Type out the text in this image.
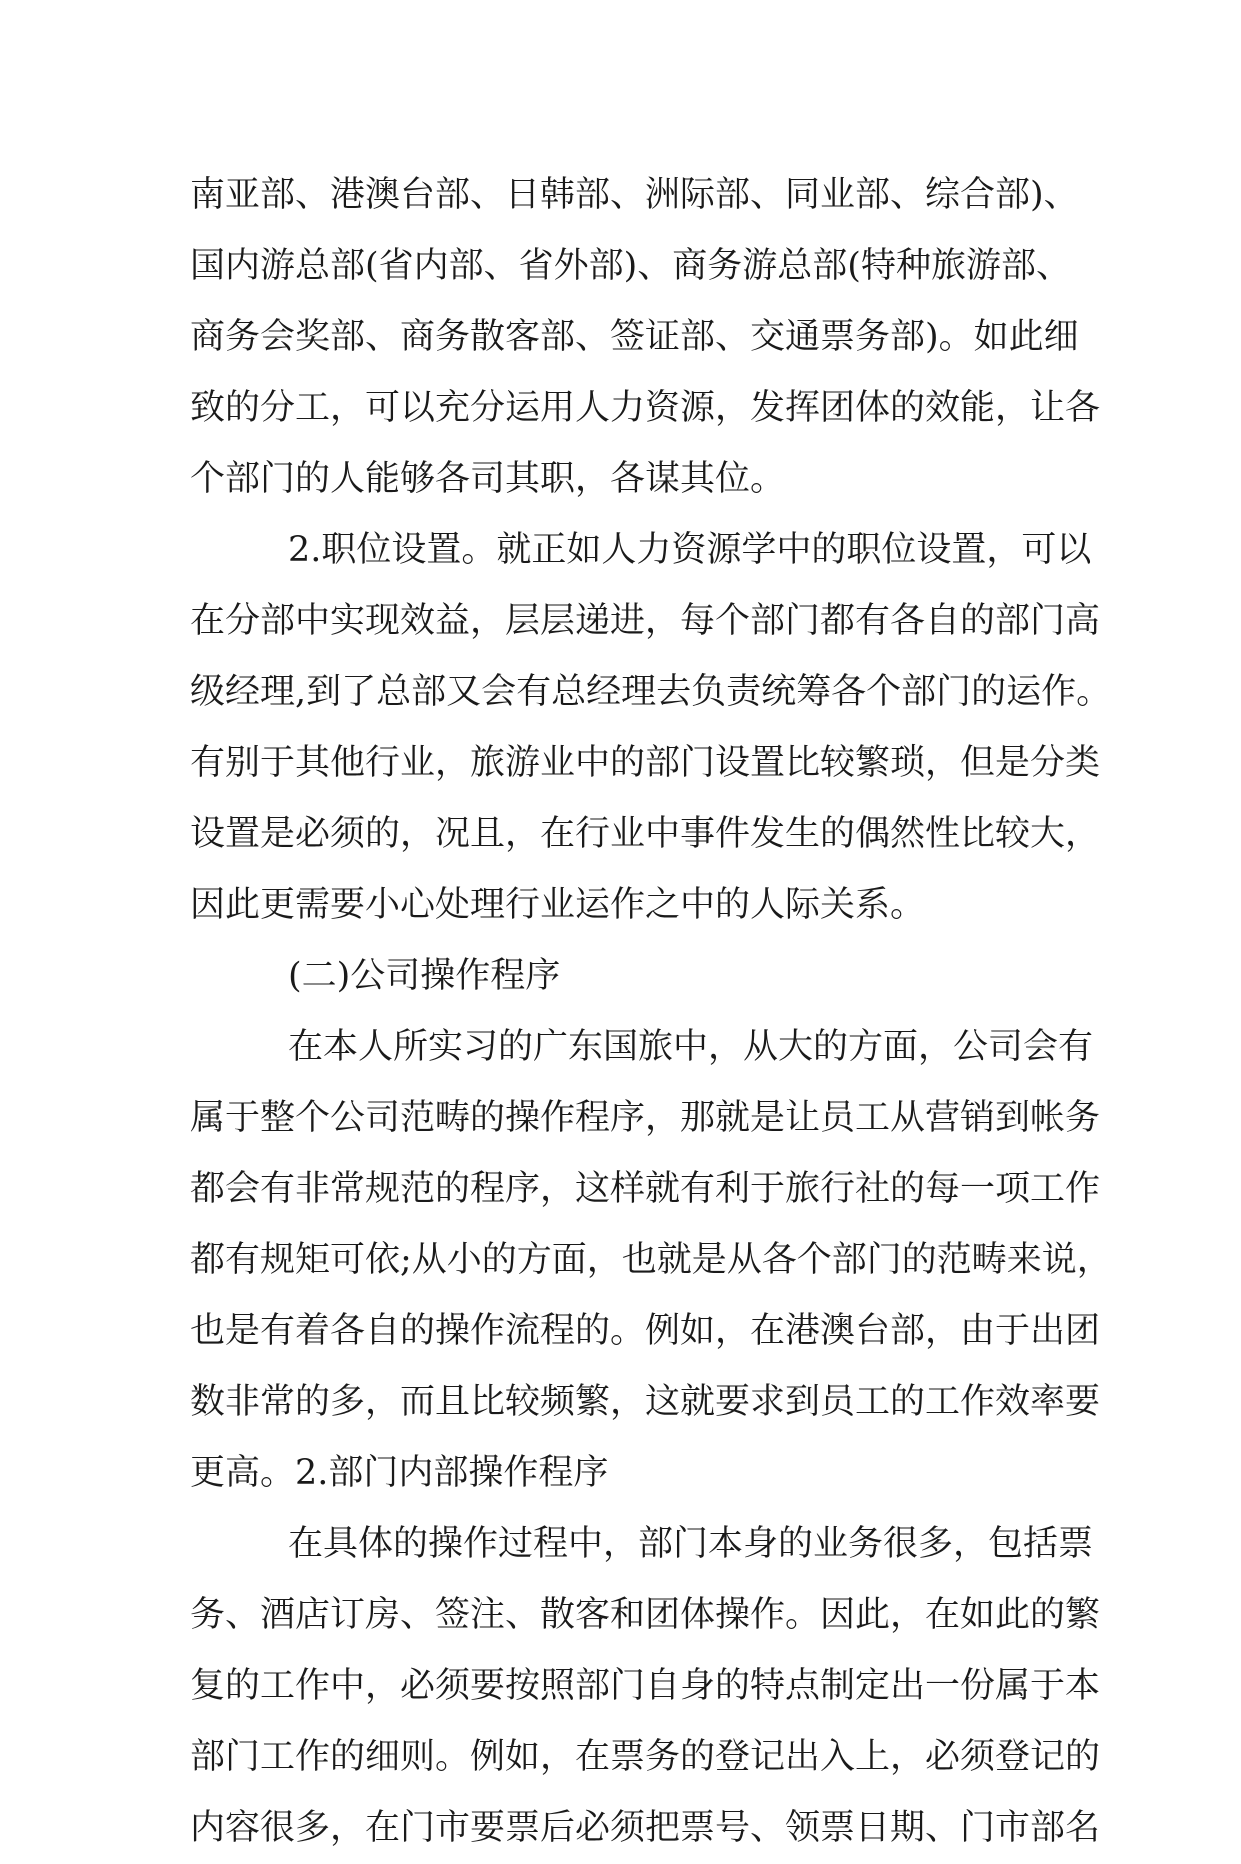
南亚部、港澳台部、日韩部、洲际部、同业部、综合部)、
国内游总部(省内部、省外部)、商务游总部(特种旅游部、
商务会奖部、商务散客部、签证部、交通票务部)。如此细
致的分工，可以充分运用人力资源，发挥团体的效能，让各
个部门的人能够各司其职，各谋其位。
2.职位设置。就正如人力资源学中的职位设置，可以
在分部中实现效益，层层递进，每个部门都有各自的部门高
级经理,到了总部又会有总经理去负责统筹各个部门的运作。
有别于其他行业，旅游业中的部门设置比较繁琐，但是分类
设置是必须的，况且，在行业中事件发生的偶然性比较大，
因此更需要小心处理行业运作之中的人际关系。
(二)公司操作程序
在本人所实习的广东国旅中，从大的方面，公司会有
属于整个公司范畴的操作程序，那就是让员工从营销到帐务
都会有非常规范的程序，这样就有利于旅行社的每一项工作
都有规矩可依;从小的方面，也就是从各个部门的范畴来说，
也是有着各自的操作流程的。例如，在港澳台部，由于出团
数非常的多，而且比较频繁，这就要求到员工的工作效率要
更高。2.部门内部操作程序
在具体的操作过程中，部门本身的业务很多，包括票
务、酒店订房、签注、散客和团体操作。因此，在如此的繁
复的工作中，必须要按照部门自身的特点制定出一份属于本
部门工作的细则。例如，在票务的登记出入上，必须登记的
内容很多，在门市要票后必须把票号、领票日期、门市部名
